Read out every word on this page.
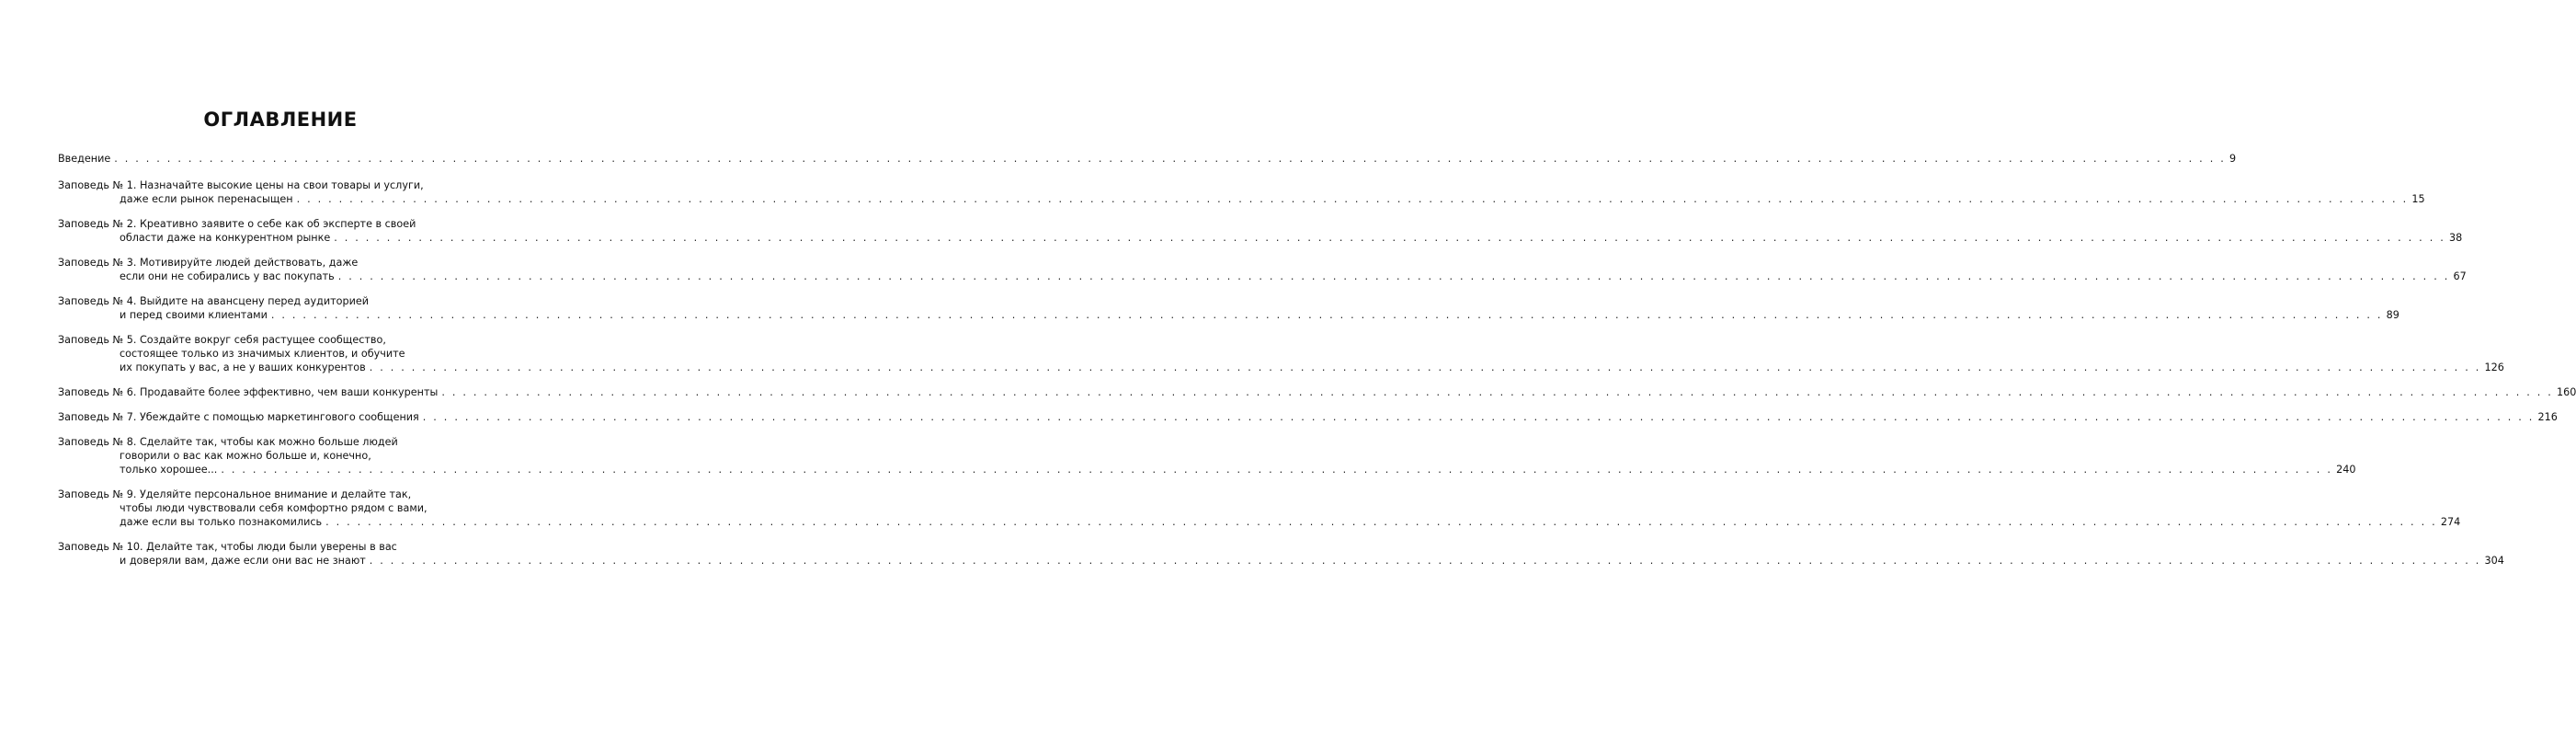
ОГЛАВЛЕНИЕ
Введение . . . . . . . . . . . . . . . . . . . . . . . . . . . . . . . . . . . . . . . . . . . . . . . . . . . . . . . . . . . . . . . . . . . . . . . . . . . . . . . . . . . . . . . . . . . . . . . . . . . . . . . . . . . . . . . . . . . . . . . . . . . . . . . . . . . . . . . . . . . . . . . . . . . . . . . . . . . . . . . . . . . . . . . . . . . . . . . . . . . . . . . . . . . . . . . . . . . . . . . . 9
Заповедь № 1. Назначайте высокие цены на свои товары и услуги,
даже если рынок перенасыщен . . . . . . . . . . . . . . . . . . . . . . . . . . . . . . . . . . . . . . . . . . . . . . . . . . . . . . . . . . . . . . . . . . . . . . . . . . . . . . . . . . . . . . . . . . . . . . . . . . . . . . . . . . . . . . . . . . . . . . . . . . . . . . . . . . . . . . . . . . . . . . . . . . . . . . . . . . . . . . . . . . . . . . . . . . . . . . . . . . . . . . . . . . . . . . . . . . . . . . . . 15
Заповедь № 2. Креативно заявите о себе как об эксперте в своей
области даже на конкурентном рынке . . . . . . . . . . . . . . . . . . . . . . . . . . . . . . . . . . . . . . . . . . . . . . . . . . . . . . . . . . . . . . . . . . . . . . . . . . . . . . . . . . . . . . . . . . . . . . . . . . . . . . . . . . . . . . . . . . . . . . . . . . . . . . . . . . . . . . . . . . . . . . . . . . . . . . . . . . . . . . . . . . . . . . . . . . . . . . . . . . . . . . . . . . . . . . . . . . . . . . . . 38
Заповедь № 3. Мотивируйте людей действовать, даже
если они не собирались у вас покупать . . . . . . . . . . . . . . . . . . . . . . . . . . . . . . . . . . . . . . . . . . . . . . . . . . . . . . . . . . . . . . . . . . . . . . . . . . . . . . . . . . . . . . . . . . . . . . . . . . . . . . . . . . . . . . . . . . . . . . . . . . . . . . . . . . . . . . . . . . . . . . . . . . . . . . . . . . . . . . . . . . . . . . . . . . . . . . . . . . . . . . . . . . . . . . . . . . . . . . . . 67
Заповедь № 4. Выйдите на авансцену перед аудиторией
и перед своими клиентами . . . . . . . . . . . . . . . . . . . . . . . . . . . . . . . . . . . . . . . . . . . . . . . . . . . . . . . . . . . . . . . . . . . . . . . . . . . . . . . . . . . . . . . . . . . . . . . . . . . . . . . . . . . . . . . . . . . . . . . . . . . . . . . . . . . . . . . . . . . . . . . . . . . . . . . . . . . . . . . . . . . . . . . . . . . . . . . . . . . . . . . . . . . . . . . . . . . . . . . . 89
Заповедь № 5. Создайте вокруг себя растущее сообщество,
состоящее только из значимых клиентов, и обучите
их покупать у вас, а не у ваших конкурентов . . . . . . . . . . . . . . . . . . . . . . . . . . . . . . . . . . . . . . . . . . . . . . . . . . . . . . . . . . . . . . . . . . . . . . . . . . . . . . . . . . . . . . . . . . . . . . . . . . . . . . . . . . . . . . . . . . . . . . . . . . . . . . . . . . . . . . . . . . . . . . . . . . . . . . . . . . . . . . . . . . . . . . . . . . . . . . . . . . . . . . . . . . . . . . . . . . . . . . . . 126
Заповедь № 6. Продавайте более эффективно, чем ваши конкуренты . . . . . . . . . . . . . . . . . . . . . . . . . . . . . . . . . . . . . . . . . . . . . . . . . . . . . . . . . . . . . . . . . . . . . . . . . . . . . . . . . . . . . . . . . . . . . . . . . . . . . . . . . . . . . . . . . . . . . . . . . . . . . . . . . . . . . . . . . . . . . . . . . . . . . . . . . . . . . . . . . . . . . . . . . . . . . . . . . . . . . . . . . . . . . . . . . . . . . . . . 160
Заповедь № 7. Убеждайте с помощью маркетингового сообщения . . . . . . . . . . . . . . . . . . . . . . . . . . . . . . . . . . . . . . . . . . . . . . . . . . . . . . . . . . . . . . . . . . . . . . . . . . . . . . . . . . . . . . . . . . . . . . . . . . . . . . . . . . . . . . . . . . . . . . . . . . . . . . . . . . . . . . . . . . . . . . . . . . . . . . . . . . . . . . . . . . . . . . . . . . . . . . . . . . . . . . . . . . . . . . . . . . . . . . . . 216
Заповедь № 8. Сделайте так, чтобы как можно больше людей
говорили о вас как можно больше и, конечно,
только хорошее... . . . . . . . . . . . . . . . . . . . . . . . . . . . . . . . . . . . . . . . . . . . . . . . . . . . . . . . . . . . . . . . . . . . . . . . . . . . . . . . . . . . . . . . . . . . . . . . . . . . . . . . . . . . . . . . . . . . . . . . . . . . . . . . . . . . . . . . . . . . . . . . . . . . . . . . . . . . . . . . . . . . . . . . . . . . . . . . . . . . . . . . . . . . . . . . . . . . . . . . . 240
Заповедь № 9. Уделяйте персональное внимание и делайте так,
чтобы люди чувствовали себя комфортно рядом с вами,
даже если вы только познакомились . . . . . . . . . . . . . . . . . . . . . . . . . . . . . . . . . . . . . . . . . . . . . . . . . . . . . . . . . . . . . . . . . . . . . . . . . . . . . . . . . . . . . . . . . . . . . . . . . . . . . . . . . . . . . . . . . . . . . . . . . . . . . . . . . . . . . . . . . . . . . . . . . . . . . . . . . . . . . . . . . . . . . . . . . . . . . . . . . . . . . . . . . . . . . . . . . . . . . . . . 274
Заповедь № 10. Делайте так, чтобы люди были уверены в вас
и доверяли вам, даже если они вас не знают . . . . . . . . . . . . . . . . . . . . . . . . . . . . . . . . . . . . . . . . . . . . . . . . . . . . . . . . . . . . . . . . . . . . . . . . . . . . . . . . . . . . . . . . . . . . . . . . . . . . . . . . . . . . . . . . . . . . . . . . . . . . . . . . . . . . . . . . . . . . . . . . . . . . . . . . . . . . . . . . . . . . . . . . . . . . . . . . . . . . . . . . . . . . . . . . . . . . . . . . 304
